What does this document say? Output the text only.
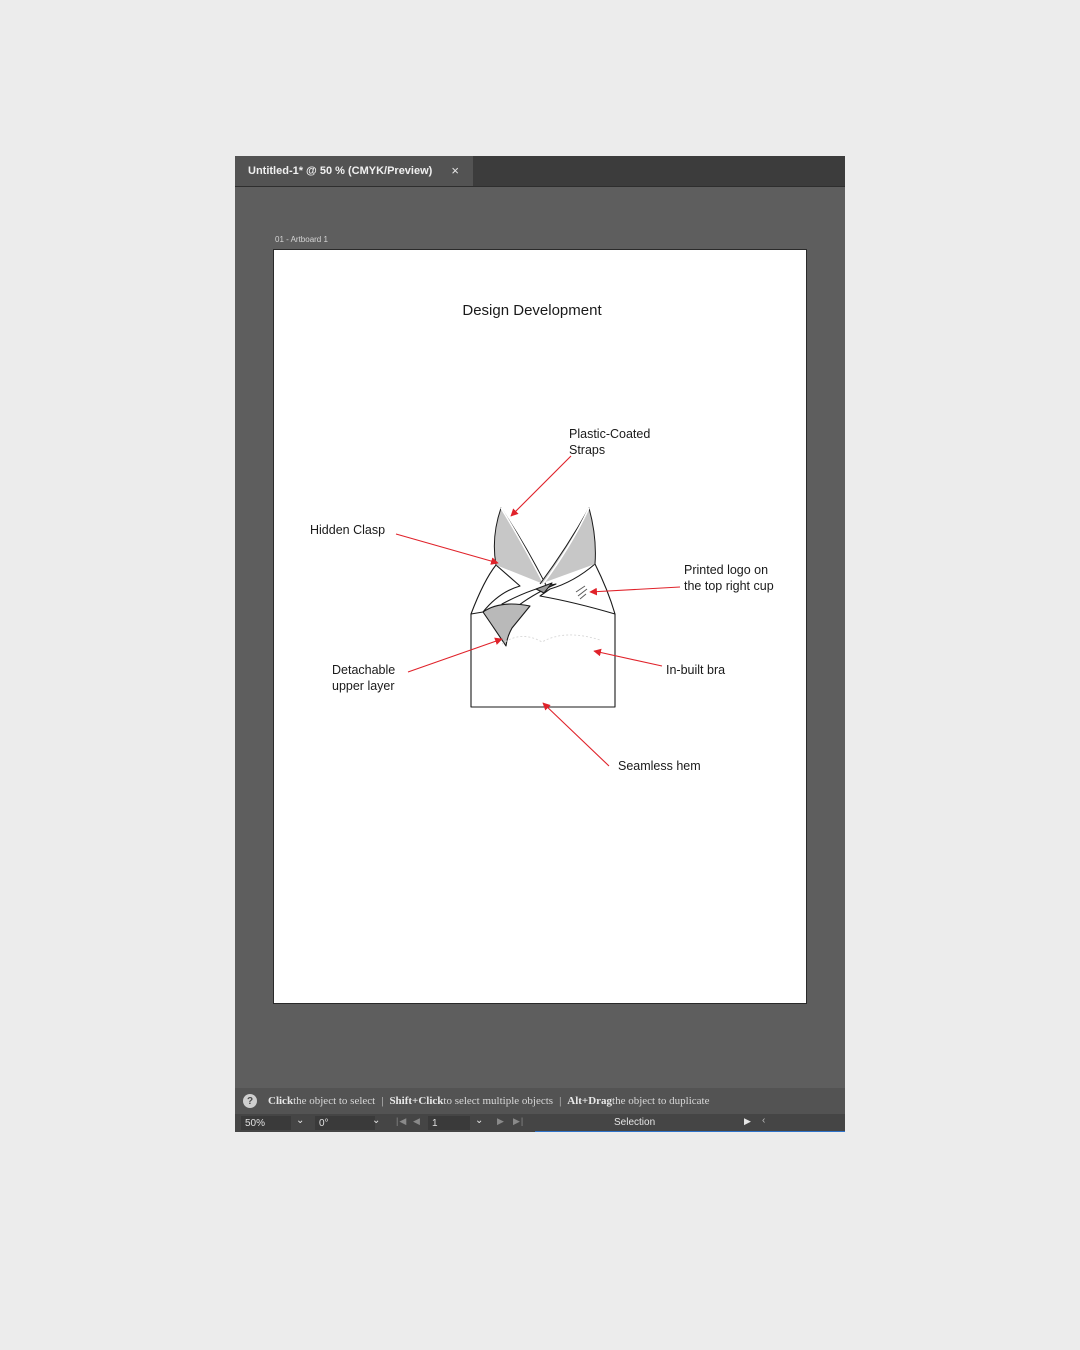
Untitled-1* @ 50 % (CMYK/Preview) ×
01 - Artboard 1
Design Development
Plastic-Coated
Straps
Hidden Clasp
Printed logo on
the top right cup
In-built bra
Detachable
upper layer
Seamless hem
?	Click the object to select | Shift+Click to select multiple objects | Alt+Drag the object to duplicate
50%	⌄ 0°	⌄ |◀ ◀ 1	⌄ ▶ ▶|	Selection	▶ ‹
